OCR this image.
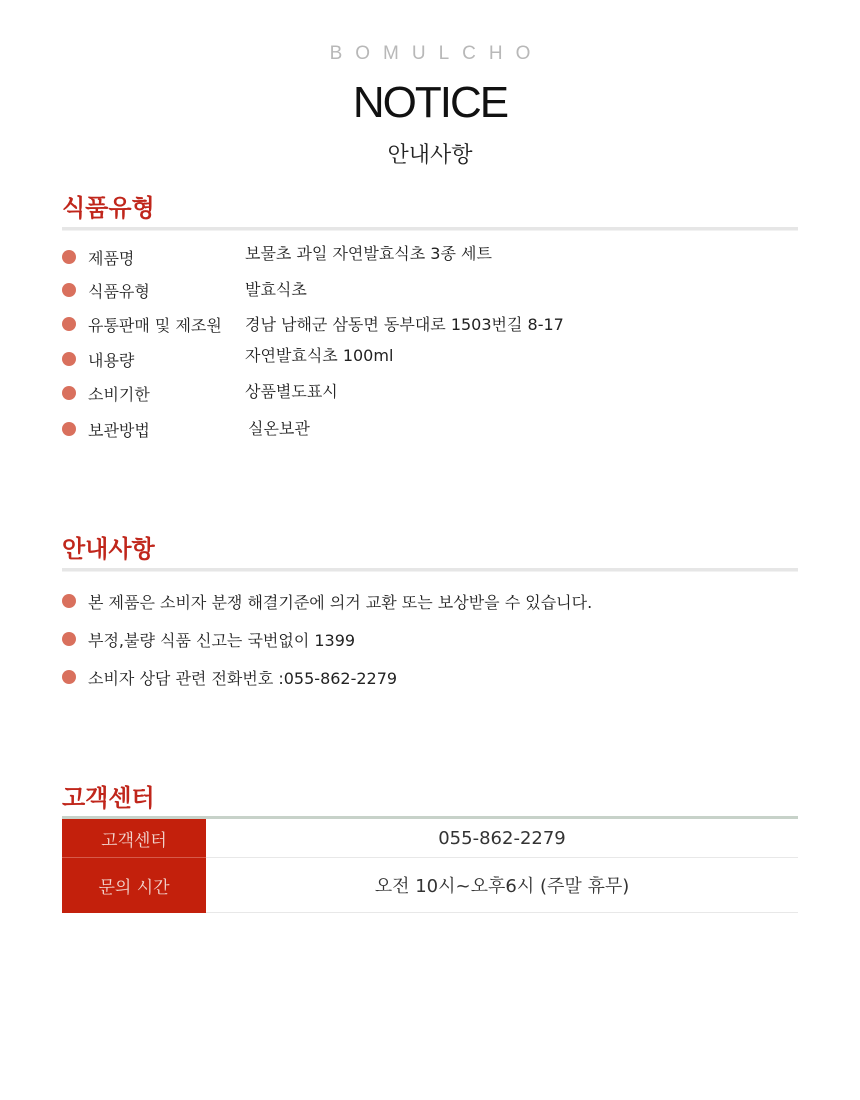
BOMULCHO
NOTICE
안내사항
식품유형
제품명	보물초 과일 자연발효식초 3종 세트
식품유형	발효식초
유통판매 및 제조원	경남 남해군 삼동면 동부대로 1503번길 8-17
내용량	자연발효식초 100ml
소비기한	상품별도표시
보관방법	실온보관
안내사항
본 제품은 소비자 분쟁 해결기준에 의거 교환 또는 보상받을 수 있습니다.
부정,불량 식품 신고는 국번없이 1399
소비자 상담 관련 전화번호 :055-862-2279
고객센터
고객센터	055-862-2279
문의 시간	오전 10시~오후6시 (주말 휴무)
